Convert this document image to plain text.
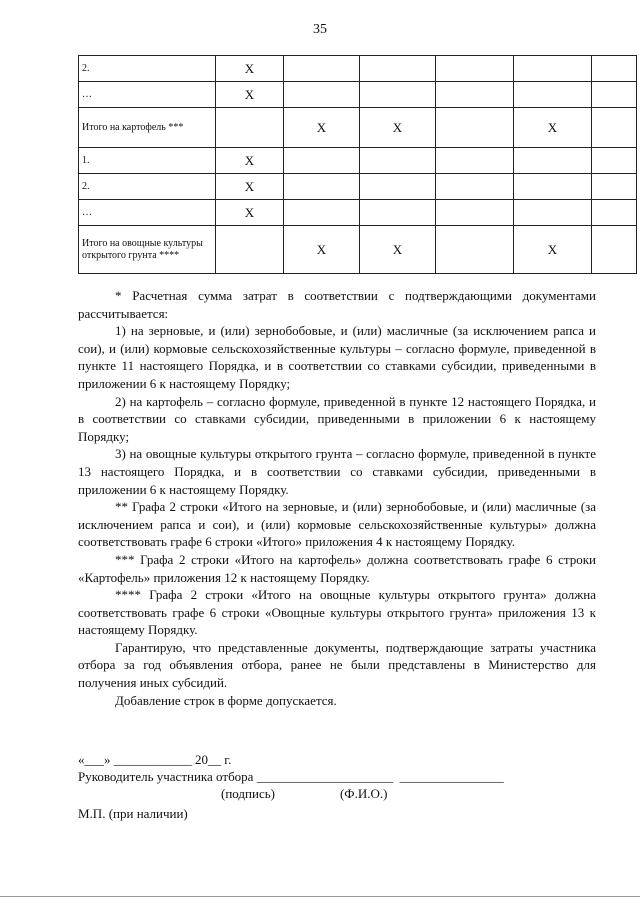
35
2.	X					
…	X					
Итого на картофель ***		X	X		X	
1.	X					
2.	X					
…	X					
Итого на овощные культуры открытого грунта ****		X	X		X	

* Расчетная сумма затрат в соответствии с подтверждающими документами рассчитывается:

1) на зерновые, и (или) зернобобовые, и (или) масличные (за исключением рапса и сои), и (или) кормовые сельскохозяйственные культуры – согласно формуле, приведенной в пункте 11 настоящего Порядка, и в соответствии со ставками субсидии, приведенными в приложении 6 к настоящему Порядку;

2) на картофель – согласно формуле, приведенной в пункте 12 настоящего Порядка, и в соответствии со ставками субсидии, приведенными в приложении 6 к настоящему Порядку;

3) на овощные культуры открытого грунта – согласно формуле, приведенной в пункте 13 настоящего Порядка, и в соответствии со ставками субсидии, приведенными в приложении 6 к настоящему Порядку.

** Графа 2 строки «Итого на зерновые, и (или) зернобобовые, и (или) масличные (за исключением рапса и сои), и (или) кормовые сельскохозяйственные культуры» должна соответствовать графе 6 строки «Итого» приложения 4 к настоящему Порядку.

*** Графа 2 строки «Итого на картофель» должна соответствовать графе 6 строки «Картофель» приложения 12 к настоящему Порядку.

**** Графа 2 строки «Итого на овощные культуры открытого грунта» должна соответствовать графе 6 строки «Овощные культуры открытого грунта» приложения 13 к настоящему Порядку.

Гарантирую, что представленные документы, подтверждающие затраты участника отбора за год объявления отбора, ранее не были представлены в Министерство для получения иных субсидий.

Добавление строк в форме допускается.

«___» ____________ 20__ г.
Руководитель участника отбора _____________________  ________________
(подпись)                    (Ф.И.О.)
М.П. (при наличии)
